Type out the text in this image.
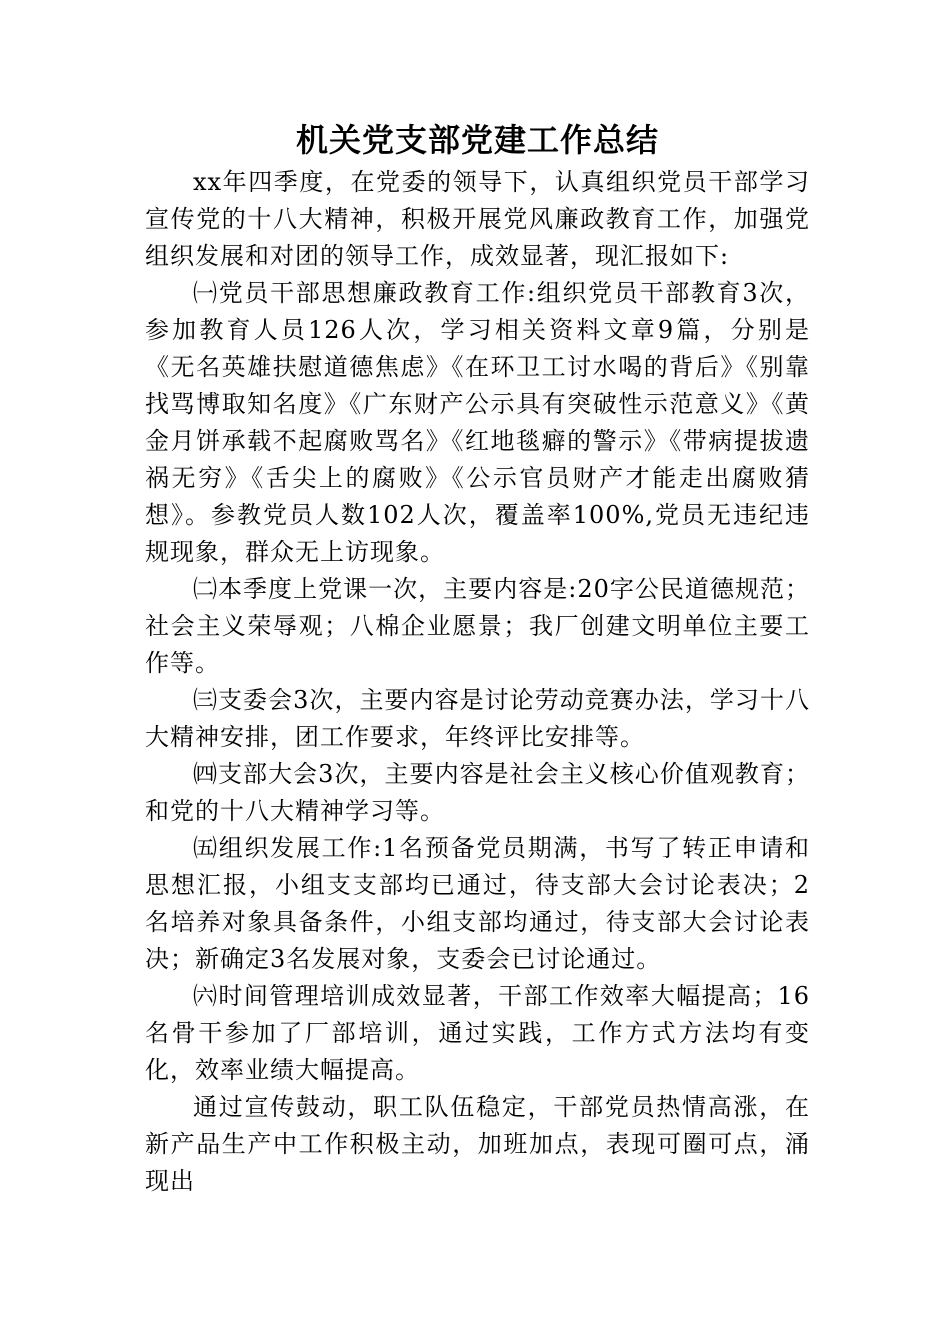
机关党支部党建工作总结

xx年四季度，在党委的领导下，认真组织党员干部学习宣传党的十八大精神，积极开展党风廉政教育工作，加强党组织发展和对团的领导工作，成效显著，现汇报如下:

㈠党员干部思想廉政教育工作:组织党员干部教育3次，参加教育人员126人次，学习相关资料文章9篇，分别是《无名英雄扶慰道德焦虑》《在环卫工讨水喝的背后》《别靠找骂博取知名度》《广东财产公示具有突破性示范意义》《黄金月饼承载不起腐败骂名》《红地毯癖的警示》《带病提拔遗祸无穷》《舌尖上的腐败》《公示官员财产才能走出腐败猜想》。参教党员人数102人次，覆盖率100%,党员无违纪违规现象，群众无上访现象。

㈡本季度上党课一次，主要内容是:20字公民道德规范；社会主义荣辱观；八棉企业愿景；我厂创建文明单位主要工作等。

㈢支委会3次，主要内容是讨论劳动竞赛办法，学习十八大精神安排，团工作要求，年终评比安排等。

㈣支部大会3次，主要内容是社会主义核心价值观教育；和党的十八大精神学习等。

㈤组织发展工作:1名预备党员期满，书写了转正申请和思想汇报，小组支支部均已通过，待支部大会讨论表决；2名培养对象具备条件，小组支部均通过，待支部大会讨论表决；新确定3名发展对象，支委会已讨论通过。

㈥时间管理培训成效显著，干部工作效率大幅提高；16名骨干参加了厂部培训，通过实践，工作方式方法均有变化，效率业绩大幅提高。

通过宣传鼓动，职工队伍稳定，干部党员热情高涨，在新产品生产中工作积极主动，加班加点，表现可圈可点，涌现出
